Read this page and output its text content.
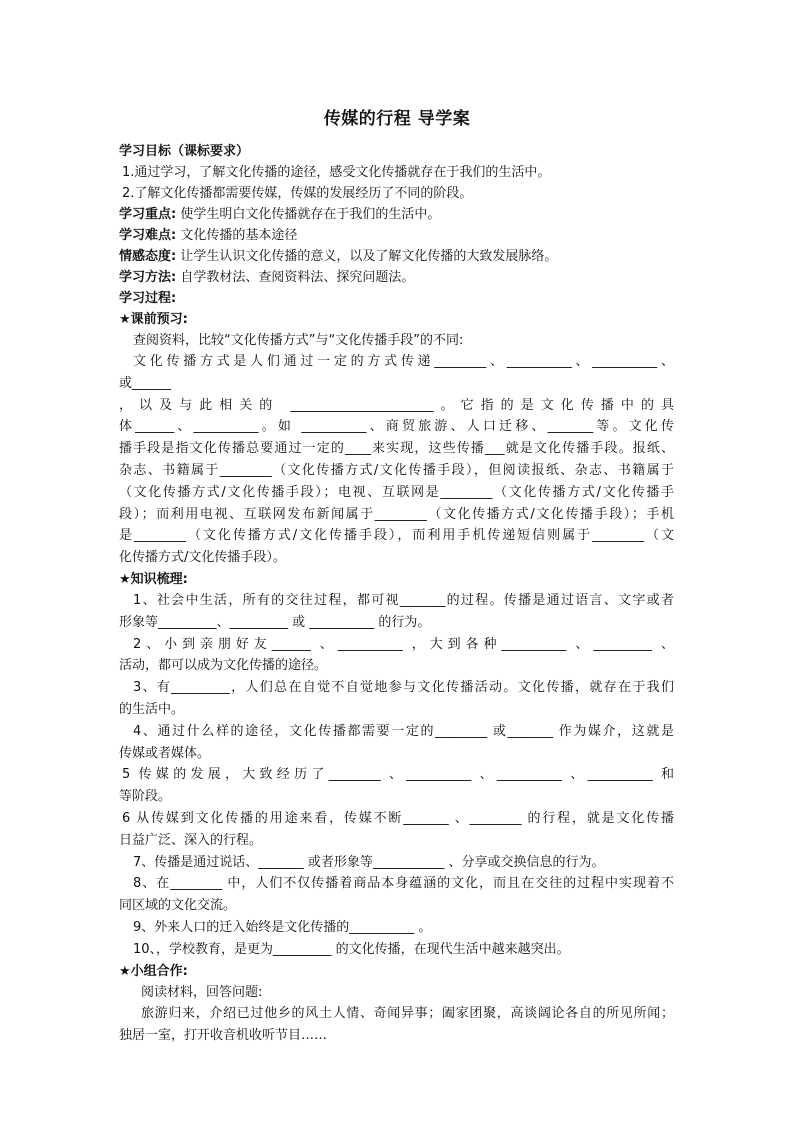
传媒的行程 导学案
学习目标（课标要求）
1.通过学习，了解文化传播的途径，感受文化传播就存在于我们的生活中。
2.了解文化传播都需要传媒，传媒的发展经历了不同的阶段。
学习重点: 使学生明白文化传播就存在于我们的生活中。
学习难点: 文化传播的基本途径
情感态度: 让学生认识文化传播的意义，以及了解文化传播的大致发展脉络。
学习方法: 自学教材法、查阅资料法、探究问题法。
学习过程:
★课前预习:
查阅资料，比较“文化传播方式”与“文化传播手段”的不同:
文化传播方式是人们通过一定的方式传递________、__________、__________、
或______
，以及与此相关的 ______________________。它指的是文化传播中的具
体______、__________。如 __________、商贸旅游、人口迁移、_______等。文化传
播手段是指文化传播总要通过一定的____来实现，这些传播___就是文化传播手段。报纸、
杂志、书籍属于________（文化传播方式/文化传播手段），但阅读报纸、杂志、书籍属于
（文化传播方式/文化传播手段）；电视、互联网是________（文化传播方式/文化传播手
段）；而利用电视、互联网发布新闻属于________（文化传播方式/文化传播手段）；手机
是________（文化传播方式/文化传播手段），而利用手机传递短信则属于________（文
化传播方式/文化传播手段）。
★知识梳理:
1、社会中生活，所有的交往过程，都可视_______的过程。传播是通过语言、文字或者
形象等_________、_________ 或 __________ 的行为。
2、小到亲朋好友______ 、__________ ，大到各种__________ 、_________ 、
活动，都可以成为文化传播的途径。
3、有_________，人们总在自觉不自觉地参与文化传播活动。文化传播，就存在于我们
的生活中。
4、通过什么样的途径，文化传播都需要一定的________ 或_______ 作为媒介，这就是
传媒或者媒体。
5 传媒的发展，大致经历了________ 、__________ 、__________ 、__________ 和
等阶段。
6 从传媒到文化传播的用途来看，传媒不断_______ 、________ 的行程，就是文化传播
日益广泛、深入的行程。
7、传播是通过说话、_______ 或者形象等___________ 、分享或交换信息的行为。
8、在________ 中，人们不仅传播着商品本身蕴涵的文化，而且在交往的过程中实现着不
同区域的文化交流。
9、外来人口的迁入始终是文化传播的__________ 。
10、，学校教育，是更为_________ 的文化传播，在现代生活中越来越突出。
★小组合作:
阅读材料，回答问题:
旅游归来，介绍已过他乡的风土人情、奇闻异事；阖家团聚，高谈阔论各自的所见所闻；
独居一室，打开收音机收听节目……
